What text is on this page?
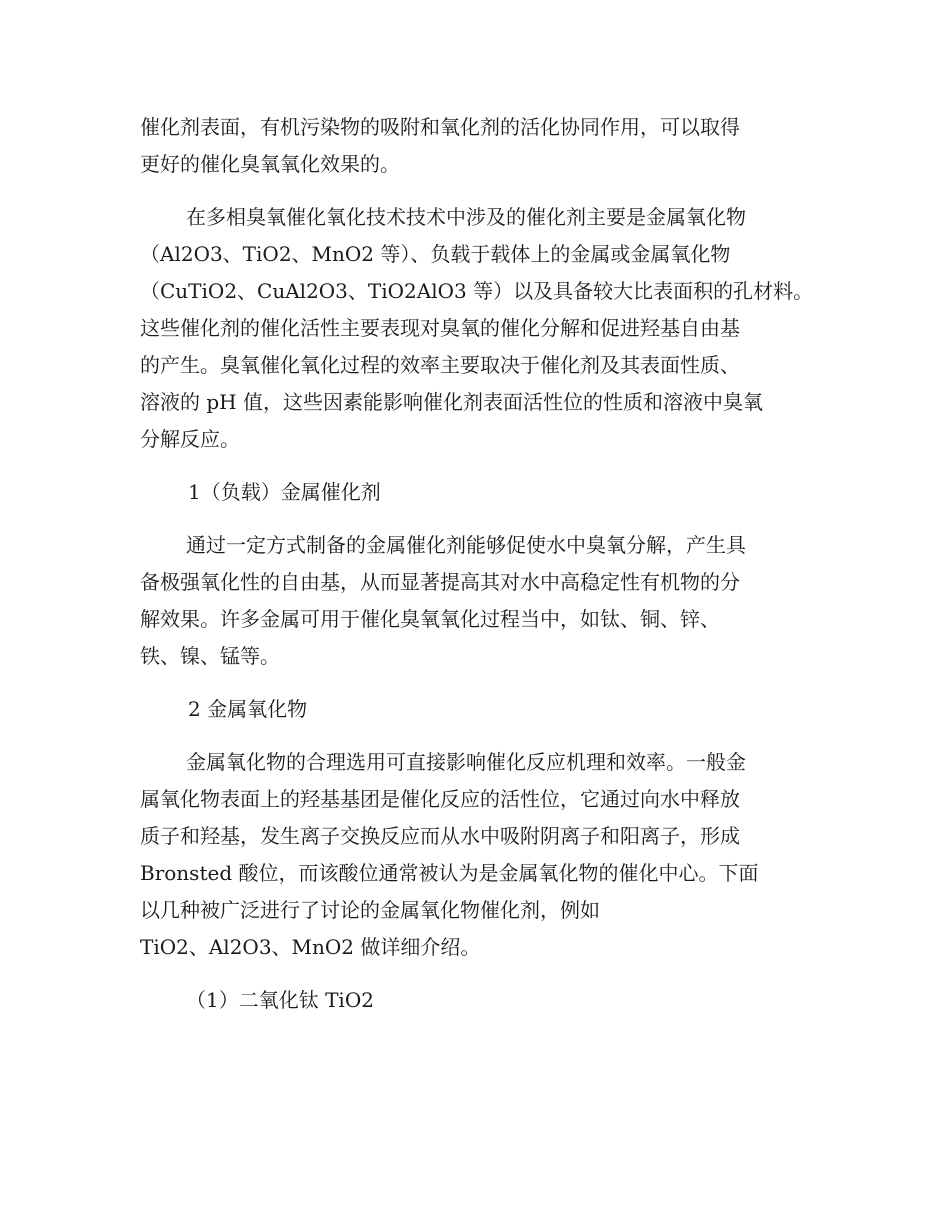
催化剂表面，有机污染物的吸附和氧化剂的活化协同作用，可以取得
更好的催化臭氧氧化效果的。
在多相臭氧催化氧化技术技术中涉及的催化剂主要是金属氧化物
（Al2O3、TiO2、MnO2 等）、负载于载体上的金属或金属氧化物
（CuTiO2、CuAl2O3、TiO2AlO3 等）以及具备较大比表面积的孔材料。
这些催化剂的催化活性主要表现对臭氧的催化分解和促进羟基自由基
的产生。臭氧催化氧化过程的效率主要取决于催化剂及其表面性质、
溶液的 pH 值，这些因素能影响催化剂表面活性位的性质和溶液中臭氧
分解反应。
1（负载）金属催化剂
通过一定方式制备的金属催化剂能够促使水中臭氧分解，产生具
备极强氧化性的自由基，从而显著提高其对水中高稳定性有机物的分
解效果。许多金属可用于催化臭氧氧化过程当中，如钛、铜、锌、
铁、镍、锰等。
2 金属氧化物
金属氧化物的合理选用可直接影响催化反应机理和效率。一般金
属氧化物表面上的羟基基团是催化反应的活性位，它通过向水中释放
质子和羟基，发生离子交换反应而从水中吸附阴离子和阳离子，形成
Bronsted 酸位，而该酸位通常被认为是金属氧化物的催化中心。下面
以几种被广泛进行了讨论的金属氧化物催化剂，例如
TiO2、Al2O3、MnO2 做详细介绍。
（1）二氧化钛 TiO2
